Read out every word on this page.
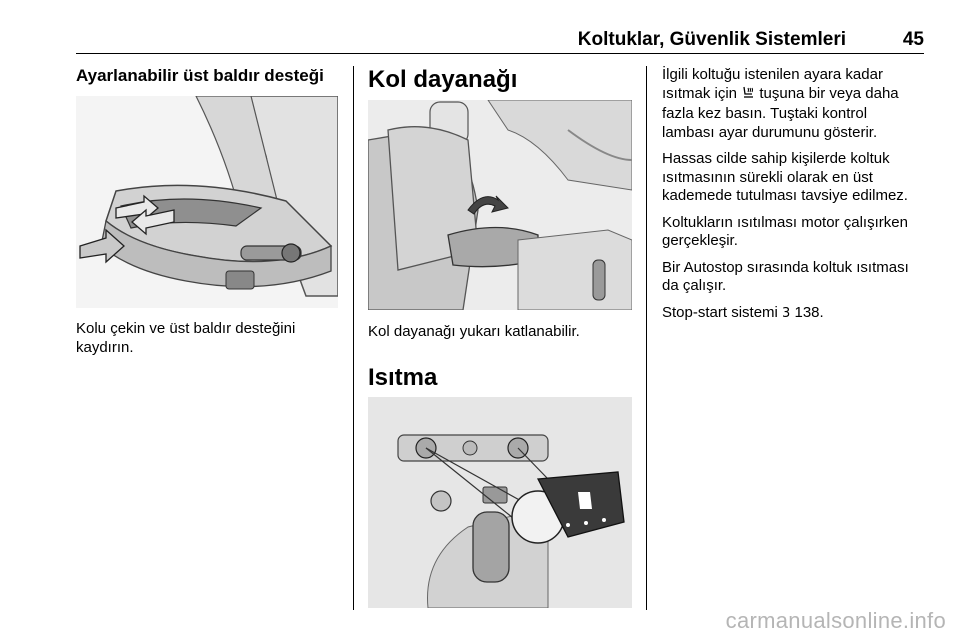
Koltuklar, Güvenlik Sistemleri	45
Ayarlanabilir üst baldır desteği

Kolu çekin ve üst baldır desteğini
kaydırın.

Kol dayanağı

Kol dayanağı yukarı katlanabilir.

Isıtma

İlgili koltuğu istenilen ayara kadar
ısıtmak için tuşuna bir veya daha
fazla kez basın. Tuştaki kontrol
lambası ayar durumunu gösterir.

Hassas cilde sahip kişilerde koltuk
ısıtmasının sürekli olarak en üst
kademede tutulması tavsiye edilmez.

Koltukların ısıtılması motor çalışırken
gerçekleşir.

Bir Autostop sırasında koltuk ısıtması
da çalışır.

Stop-start sistemi 3 138.

carmanualsonline.info
